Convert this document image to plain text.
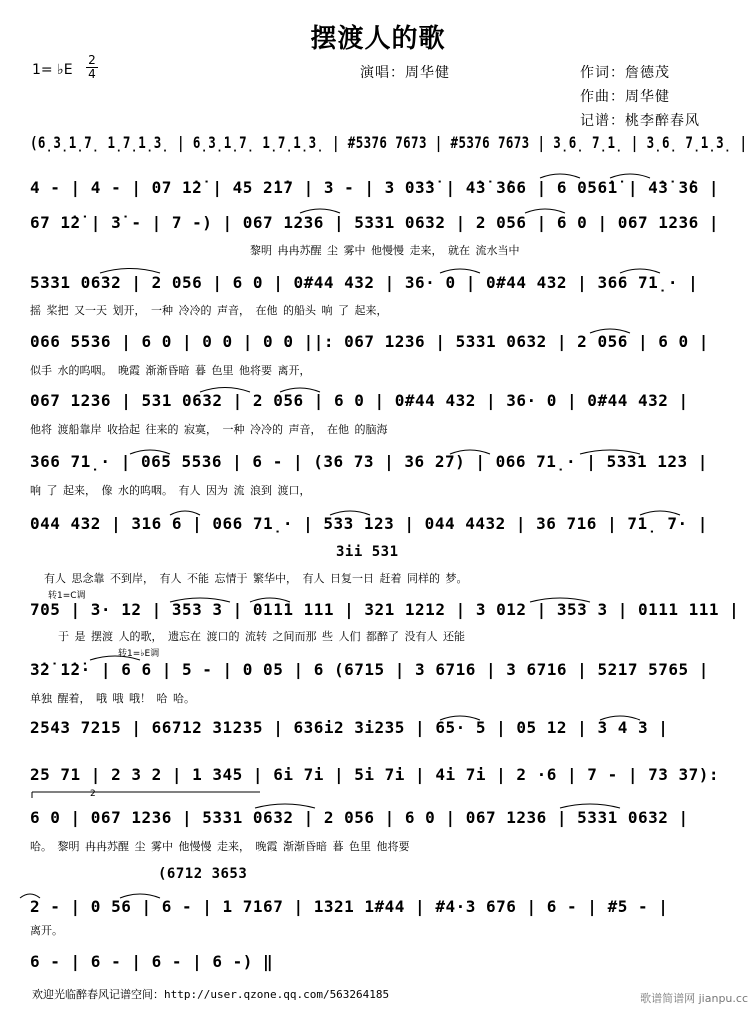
摆渡人的歌
1= ♭E
2
4	演唱：周华健	作词：詹德茂
作曲：周华健
记谱：桃李醉春风
(6̣3̣1̣7̣ 1̣7̣1̣3̣ | 6̣3̣1̣7̣ 1̣7̣1̣3̣ | #5376 7673 | #5376 7673 | 3̣6̣ 7̣1̣ | 3̣6̣ 7̣1̣3̣ |
4 - | 4 - | 07 1̇2̇ | 45 2̇1̇7 | 3 - | 3 03̇3̇ | 4̇3̇ 3̇66 | 6 056̇1̇ | 4̇3̇ 3̇6 |
67 1̇2̇ | 3̇ - | 7 -) | 067 1236 | 5331 0632 | 2 056 | 6 0 | 067 1236 |
黎明 冉冉苏醒 尘 雾中 他慢慢 走来， 就在 流水当中
5331 0632 | 2 056 | 6 0 | 0#44 432 | 36· 0 | 0#44 432 | 366 71̣· |
摇 桨把 又一天 划开， 一种 冷冷的 声音， 在他 的船头 响 了 起来，
066 5536 | 6 0 | 0 0 | 0 0 ||: 067 1236 | 5331 0632 | 2 056 | 6 0 |
似手 水的呜咽。 晚霞 渐渐昏暗 暮 色里 他将要 离开，
067 1236 | 531 0632 | 2 056 | 6 0 | 0#44 432 | 36· 0 | 0#44 432 |
他将 渡船靠岸 收拾起 往来的 寂寞， 一种 冷冷的 声音， 在他 的脑海
366 71̣· | 065 5536 | 6 - | (36 73 | 36 27) | 066 71̣· | 5331 123 |
响 了 起来， 像 水的呜咽。 有人 因为 流 浪到 渡口，
044 432 | 316 6 | 066 71̣· | 533 123 | 044 4432 | 36 716 | 71̣ 7· |
3ii 531
有人 思念靠 不到岸， 有人 不能 忘情于 繁华中， 有人 日复一日 赶着 同样的 梦。
转1=C调
705 | 3· 12 | 353 3 | 0111 111 | 321 1212 | 3 012 | 353 3 | 0111 111 |
于 是 摆渡 人的歌， 遗忘在 渡口的 流转 之间而那 些 人们 都醉了 没有人 还能
转1=♭E调
3̇2̇ 1̇2̇· | 6 6 | 5 - | 0 05 | 6 (6715 | 3 6716 | 3 6716 | 5217 5765 |
单独 醒着， 哦 哦 哦！ 哈 哈。
2543 7215 | 66712 31235 | 636i2 3i235 | 65· 5 | 05 12 | 3 4 3 |
25 71 | 2 3 2 | 1 345 | 6i 7i | 5i 7i | 4i 7i | 2 ·6 | 7 - | 73 37):
2
6 0 | 067 1236 | 5331 0632 | 2 056 | 6 0 | 067 1236 | 5331 0632 |
哈。 黎明 冉冉苏醒 尘 雾中 他慢慢 走来， 晚霞 渐渐昏暗 暮 色里 他将要
(6712 3653
2 - | 0 56 | 6 - | 1 7167 | 1321 1#44 | #4·3 676 | 6 - | #5 - |
离开。
6 - | 6 - | 6 - | 6 -) ‖
欢迎光临醉春风记谱空间：http://user.qzone.qq.com/563264185	歌谱简谱网 jianpu.cc
